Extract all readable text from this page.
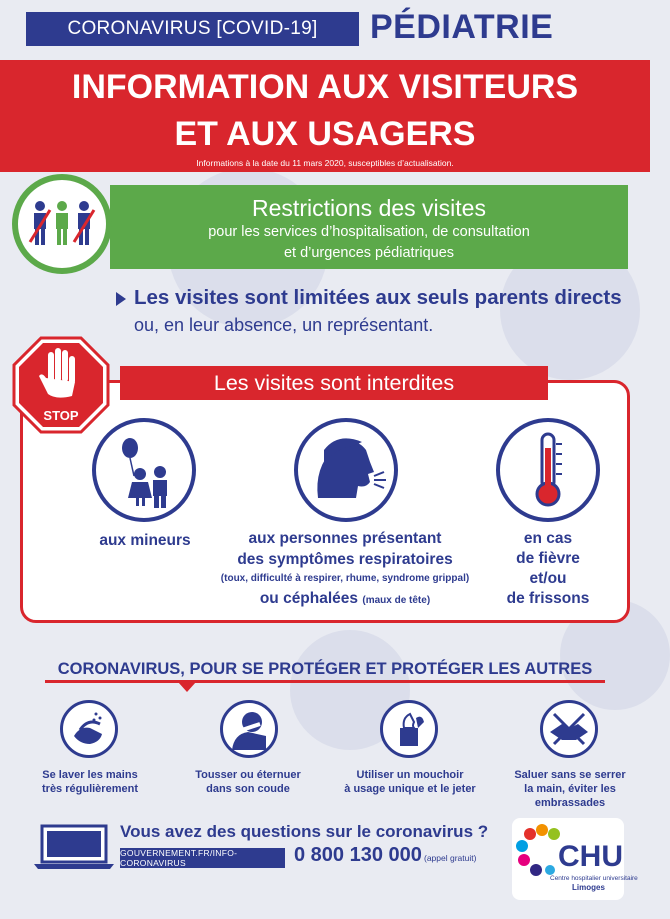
CORONAVIRUS [COVID-19]	PÉDIATRIE
INFORMATION AUX VISITEURS
ET AUX USAGERS
Informations à la date du 11 mars 2020, susceptibles d’actualisation.
Restrictions des visites
pour les services d’hospitalisation, de consultation
et d’urgences pédiatriques
Les visites sont limitées aux seuls parents directs
ou, en leur absence, un représentant.
Les visites sont interdites
STOP
aux mineurs	aux personnes présentant
des symptômes respiratoires
(toux, difficulté à respirer, rhume, syndrome grippal)
ou céphalées (maux de tête)
en cas
de fièvre
et/ou
de frissons
CORONAVIRUS, POUR SE PROTÉGER ET PROTÉGER LES AUTRES
Se laver les mains
très régulièrement
Tousser ou éternuer
dans son coude
Utiliser un mouchoir
à usage unique et le jeter
Saluer sans se serrer
la main, éviter les
embrassades
Vous avez des questions sur le coronavirus ?
GOUVERNEMENT.FR/INFO-CORONAVIRUS	0 800 130 000 (appel gratuit)	CHU
Centre hospitalier universitaire
Limoges
